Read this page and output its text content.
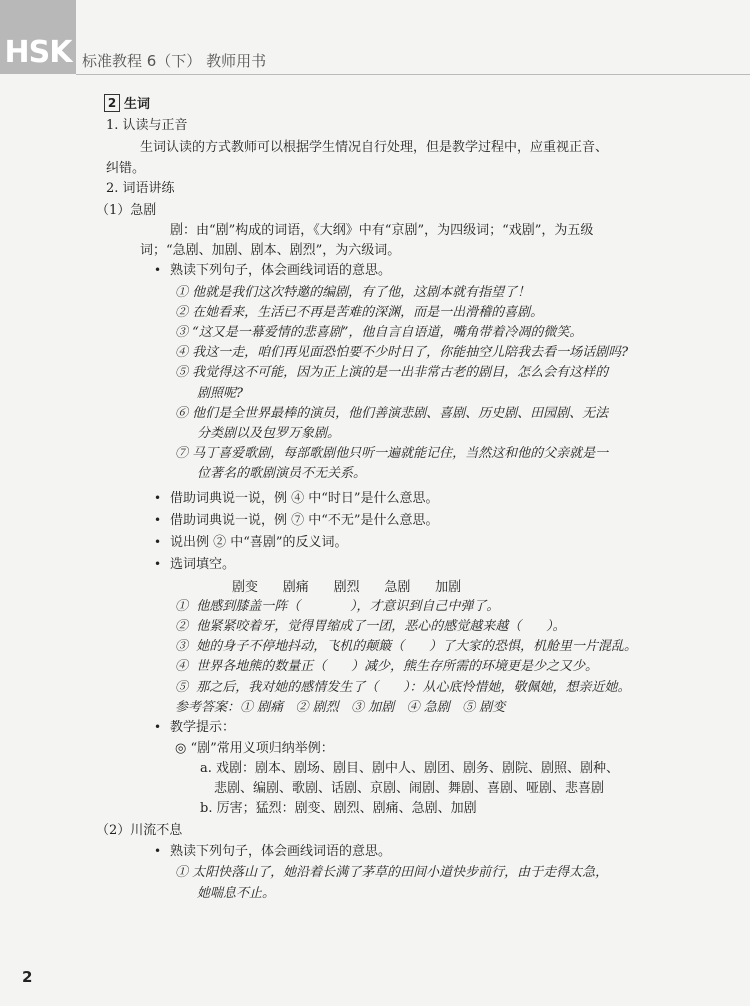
HSK 标准教程 6（下） 教师用书
2 生词
1. 认读与正音
生词认读的方式教师可以根据学生情况自行处理，但是教学过程中，应重视正音、
纠错。
2. 词语讲练
（1）急剧
剧：由“剧”构成的词语，《大纲》中有“京剧”，为四级词；“戏剧”，为五级
词；“急剧、加剧、剧本、剧烈”，为六级词。
• 熟读下列句子，体会画线词语的意思。
① 他就是我们这次特邀的编剧，有了他，这剧本就有指望了！
② 在她看来，生活已不再是苦难的深渊，而是一出滑稽的喜剧。
③ “这又是一幕爱情的悲喜剧”，他自言自语道，嘴角带着冷凋的微笑。
④ 我这一走，咱们再见面恐怕要不少时日了，你能抽空儿陪我去看一场话剧吗?
⑤ 我觉得这不可能，因为正上演的是一出非常古老的剧目，怎么会有这样的
剧照呢?
⑥ 他们是全世界最棒的演员，他们善演悲剧、喜剧、历史剧、田园剧、无法
分类剧以及包罗万象剧。
⑦ 马丁喜爱歌剧，每部歌剧他只听一遍就能记住，当然这和他的父亲就是一
位著名的歌剧演员不无关系。
• 借助词典说一说，例 ④ 中“时日”是什么意思。
• 借助词典说一说，例 ⑦ 中“不无”是什么意思。
• 说出例 ② 中“喜剧”的反义词。
• 选词填空。
剧变      剧痛      剧烈      急剧      加剧
①  他感到膝盖一阵（            ），才意识到自己中弹了。
②  他紧紧咬着牙，觉得胃缩成了一团，恶心的感觉越来越（      ）。
③  她的身子不停地抖动，飞机的颠簸（      ）了大家的恐惧，机舱里一片混乱。
④  世界各地熊的数量正（      ）减少，熊生存所需的环境更是少之又少。
⑤  那之后，我对她的感情发生了（      ）：从心底怜惜她，敬佩她，想亲近她。
参考答案：① 剧痛   ② 剧烈   ③ 加剧   ④ 急剧   ⑤ 剧变
• 教学提示：
◎ “剧”常用义项归纳举例：
a. 戏剧：剧本、剧场、剧目、剧中人、剧团、剧务、剧院、剧照、剧种、
悲剧、编剧、歌剧、话剧、京剧、闹剧、舞剧、喜剧、哑剧、悲喜剧
b. 厉害；猛烈：剧变、剧烈、剧痛、急剧、加剧
（2）川流不息
• 熟读下列句子，体会画线词语的意思。
① 太阳快落山了，她沿着长满了茅草的田间小道快步前行，由于走得太急，
她喘息不止。
2
